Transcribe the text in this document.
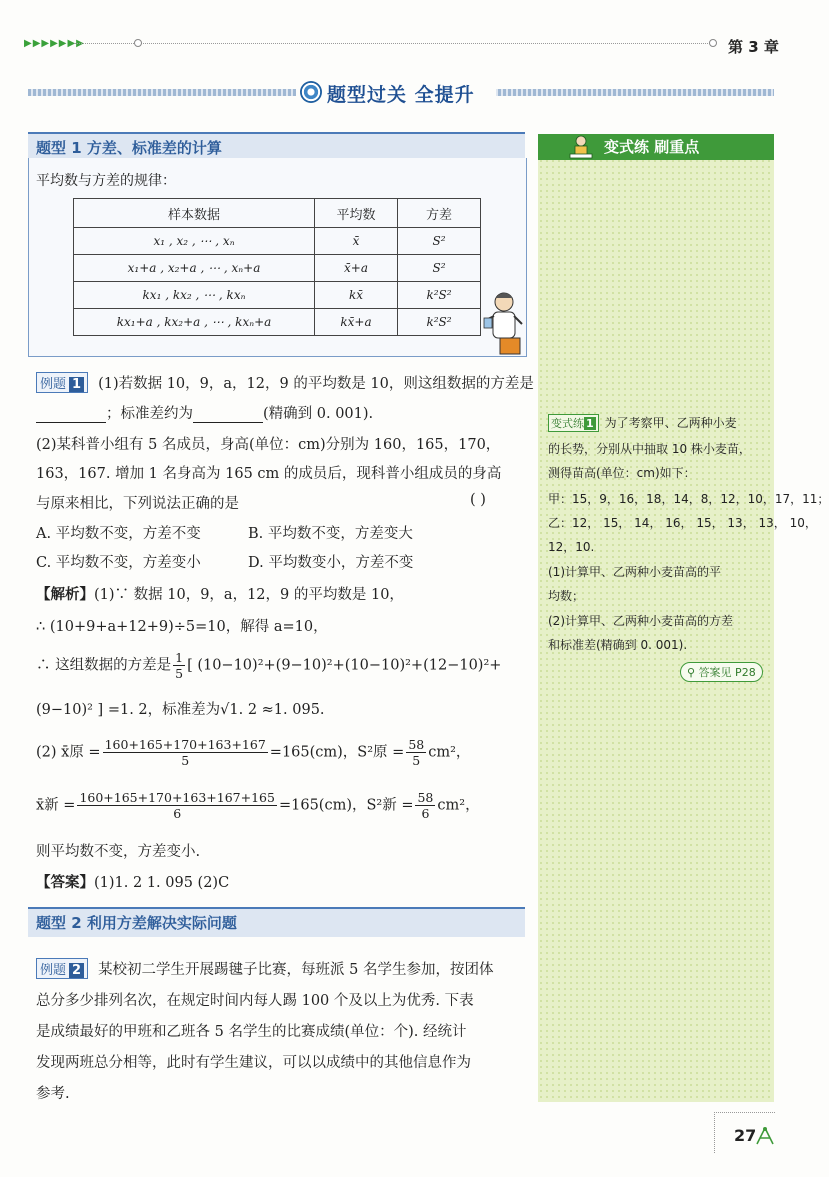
▶▶▶▶▶▶▶	第 3 章
题型过关 全提升
题型 1 方差、标准差的计算
平均数与方差的规律：
样本数据	平均数	方差
x₁ , x₂ , ⋯ , xₙ	x̄	S²
x₁+a , x₂+a , ⋯ , xₙ+a	x̄+a	S²
kx₁ , kx₂ , ⋯ , kxₙ	kx̄	k²S²
kx₁+a , kx₂+a , ⋯ , kxₙ+a	kx̄+a	k²S²
例题 1 (1)若数据 10，9，a，12，9 的平均数是 10，则这组数据的方差是
；标准差约为	(精确到 0. 001).
(2)某科普小组有 5 名成员，身高(单位：cm)分别为 160，165，170，
163，167. 增加 1 名身高为 165 cm 的成员后，现科普小组成员的身高
与原来相比，下列说法正确的是	( )
A. 平均数不变，方差不变	B. 平均数不变，方差变大
C. 平均数不变，方差变小	D. 平均数变小，方差不变
【解析】(1)∵ 数据 10，9，a，12，9 的平均数是 10，
∴ (10+9+a+12+9)÷5=10，解得 a=10，
∴ 这组数据的方差是 $\frac{1}{5}$ [ (10−10)²+(9−10)²+(10−10)²+(12−10)²+
(9−10)² ] =1. 2，标准差为√1. 2 ≈1. 095.
(2) x̄原 = $\frac{160+165+170+163+167}{5} =165(cm)$，S²原 = $\frac{58}{5} cm^2$，
x̄新 = $\frac{160+165+170+163+167+165}{6} =165(cm)$，S²新 = $\frac{58}{6} cm^2$，
则平均数不变，方差变小.
【答案】(1)1. 2 1. 095 (2)C
题型 2 利用方差解决实际问题
例题 2 某校初二学生开展踢毽子比赛，每班派 5 名学生参加，按团体
总分多少排列名次，在规定时间内每人踢 100 个及以上为优秀. 下表
是成绩最好的甲班和乙班各 5 名学生的比赛成绩(单位：个). 经统计
发现两班总分相等，此时有学生建议，可以以成绩中的其他信息作为
参考.
变式练 刷重点
变式练 1 为了考察甲、乙两种小麦
的长势，分别从中抽取 10 株小麦苗，
测得苗高(单位：cm)如下：
甲：15，9，16，18，14，8，12，10，17，11；
乙：12， 15， 14， 16， 15， 13， 13， 10，
12，10.
(1)计算甲、乙两种小麦苗高的平
均数；
(2)计算甲、乙两种小麦苗高的方差
和标准差(精确到 0. 001).
⚲ 答案见 P28
27
